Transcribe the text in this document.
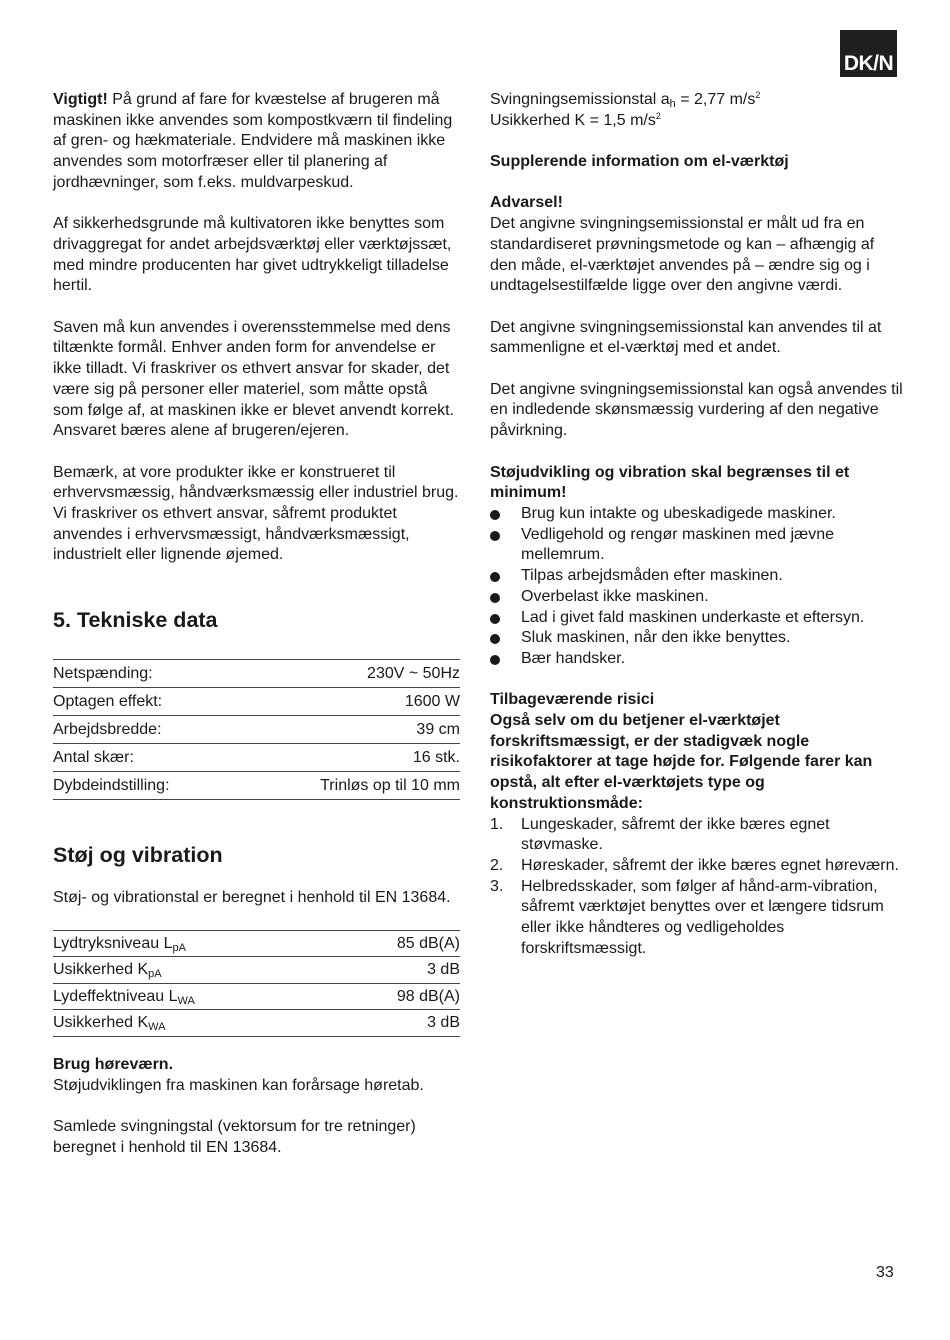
DK/N

Vigtigt! På grund af fare for kvæstelse af brugeren må maskinen ikke anvendes som kompostkværn til findeling af gren- og hækmateriale. Endvidere må maskinen ikke anvendes som motorfræser eller til planering af jordhævninger, som f.eks. muldvarpeskud.

Af sikkerhedsgrunde må kultivatoren ikke benyttes som drivaggregat for andet arbejdsværktøj eller værktøjssæt, med mindre producenten har givet udtrykkeligt tilladelse hertil.

Saven må kun anvendes i overensstemmelse med dens tiltænkte formål. Enhver anden form for anvendelse er ikke tilladt. Vi fraskriver os ethvert ansvar for skader, det være sig på personer eller materiel, som måtte opstå som følge af, at maskinen ikke er blevet anvendt korrekt. Ansvaret bæres alene af brugeren/ejeren.

Bemærk, at vore produkter ikke er konstrueret til erhvervsmæssig, håndværksmæssig eller industriel brug. Vi fraskriver os ethvert ansvar, såfremt produktet anvendes i erhvervsmæssigt, håndværksmæssigt, industrielt eller lignende øjemed.

5. Tekniske data
Netspænding:	230V ~ 50Hz
Optagen effekt:	1600 W
Arbejdsbredde:	39 cm
Antal skær:	16 stk.
Dybdeindstilling:	Trinløs op til 10 mm
Støj og vibration

Støj- og vibrationstal er beregnet i henhold til EN 13684.

Lydtryksniveau $L_{pA}$	85 dB(A)
Usikkerhed $K_{pA}$	3 dB
Lydeffektniveau $L_{WA}$	98 dB(A)
Usikkerhed $K_{WA}$	3 dB

Brug høreværn.
Støjudviklingen fra maskinen kan forårsage høretab.

Samlede svingningstal (vektorsum for tre retninger) beregnet i henhold til EN 13684.

Svingningsemissionstal $a_h = 2,77$ $m/s^2$

Usikkerhed K = 1,5 $m/s^2$

Supplerende information om el-værktøj

Advarsel!
Det angivne svingningsemissionstal er målt ud fra en standardiseret prøvningsmetode og kan – afhængig af den måde, el-værktøjet anvendes på – ændre sig og i undtagelsestilfælde ligge over den angivne værdi.

Det angivne svingningsemissionstal kan anvendes til at sammenligne et el-værktøj med et andet.

Det angivne svingningsemissionstal kan også anvendes til en indledende skønsmæssig vurdering af den negative påvirkning.

Støjudvikling og vibration skal begrænses til et minimum!

Brug kun intakte og ubeskadigede maskiner.
Vedligehold og rengør maskinen med jævne mellemrum.
Tilpas arbejdsmåden efter maskinen.
Overbelast ikke maskinen.
Lad i givet fald maskinen underkaste et eftersyn.
Sluk maskinen, når den ikke benyttes.
Bær handsker.

Tilbageværende risici
Også selv om du betjener el-værktøjet forskriftsmæssigt, er der stadigvæk nogle risikofaktorer at tage højde for. Følgende farer kan opstå, alt efter el-værktøjets type og konstruktionsmåde:

1. Lungeskader, såfremt der ikke bæres egnet støvmaske.
2. Høreskader, såfremt der ikke bæres egnet høreværn.
3. Helbredsskader, som følger af hånd-arm-vibration, såfremt værktøjet benyttes over et længere tidsrum eller ikke håndteres og vedligeholdes forskriftsmæssigt.
33
